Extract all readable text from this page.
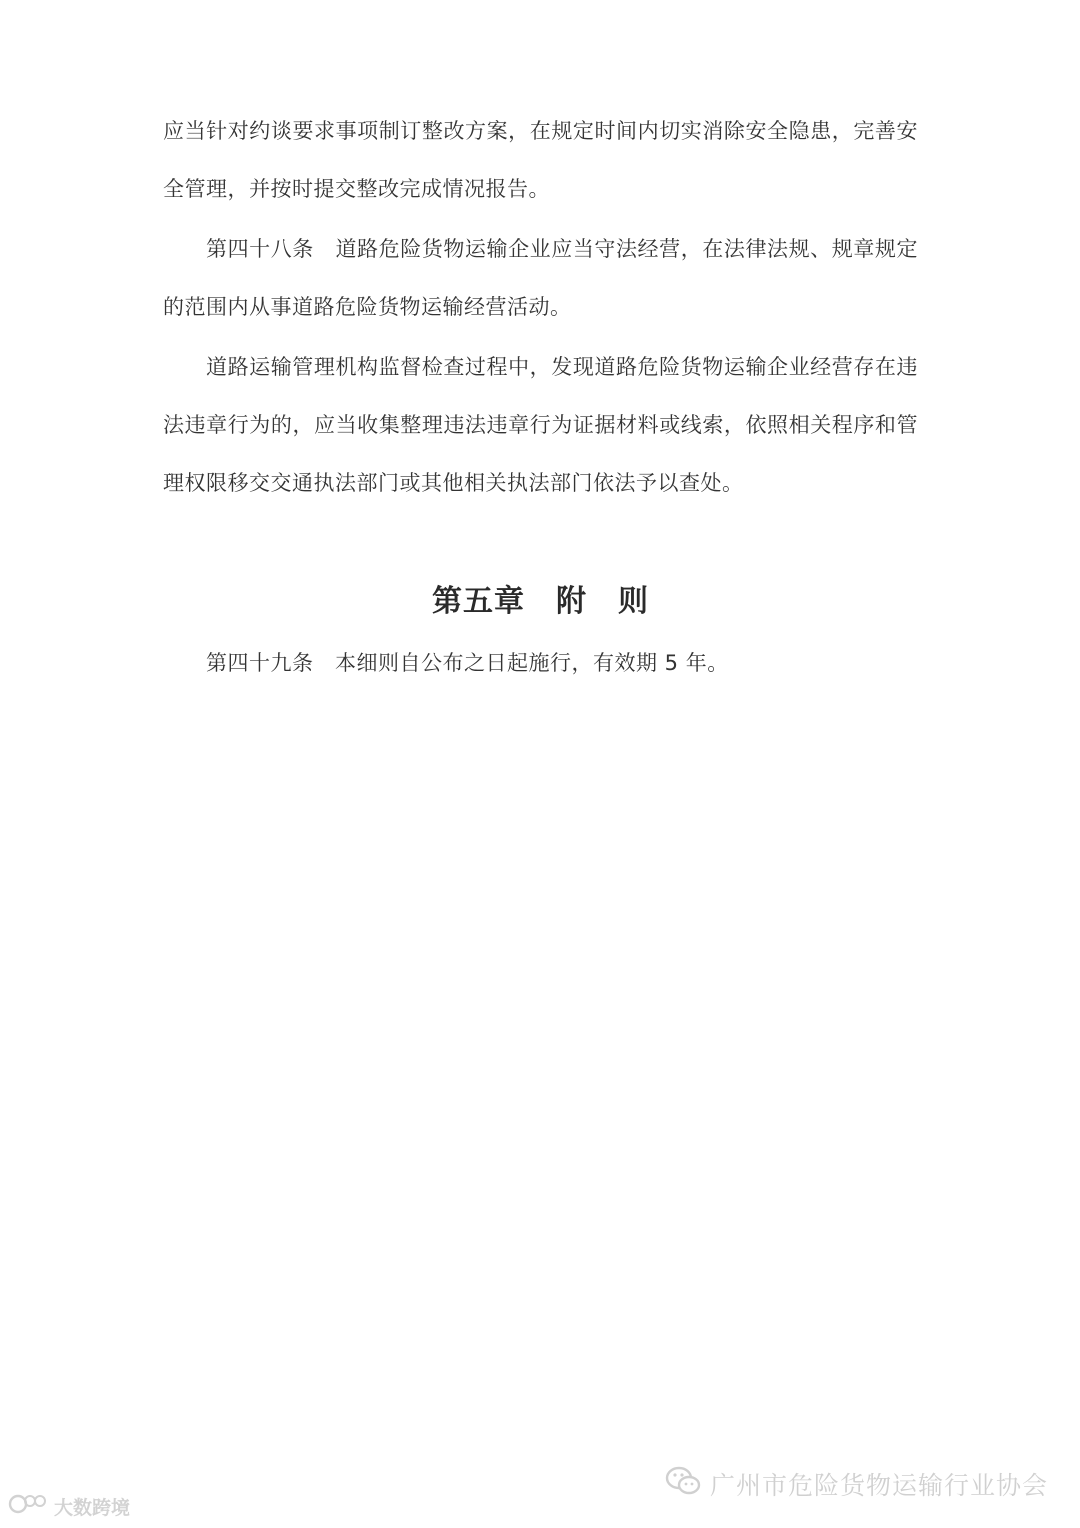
应当针对约谈要求事项制订整改方案，在规定时间内切实消除安全隐患，完善安全管理，并按时提交整改完成情况报告。

第四十八条　道路危险货物运输企业应当守法经营，在法律法规、规章规定的范围内从事道路危险货物运输经营活动。

道路运输管理机构监督检查过程中，发现道路危险货物运输企业经营存在违法违章行为的，应当收集整理违法违章行为证据材料或线索，依照相关程序和管理权限移交交通执法部门或其他相关执法部门依法予以查处。

第五章　附　则

第四十九条　本细则自公布之日起施行，有效期 5 年。

广州市危险货物运输行业协会
大数跨境
